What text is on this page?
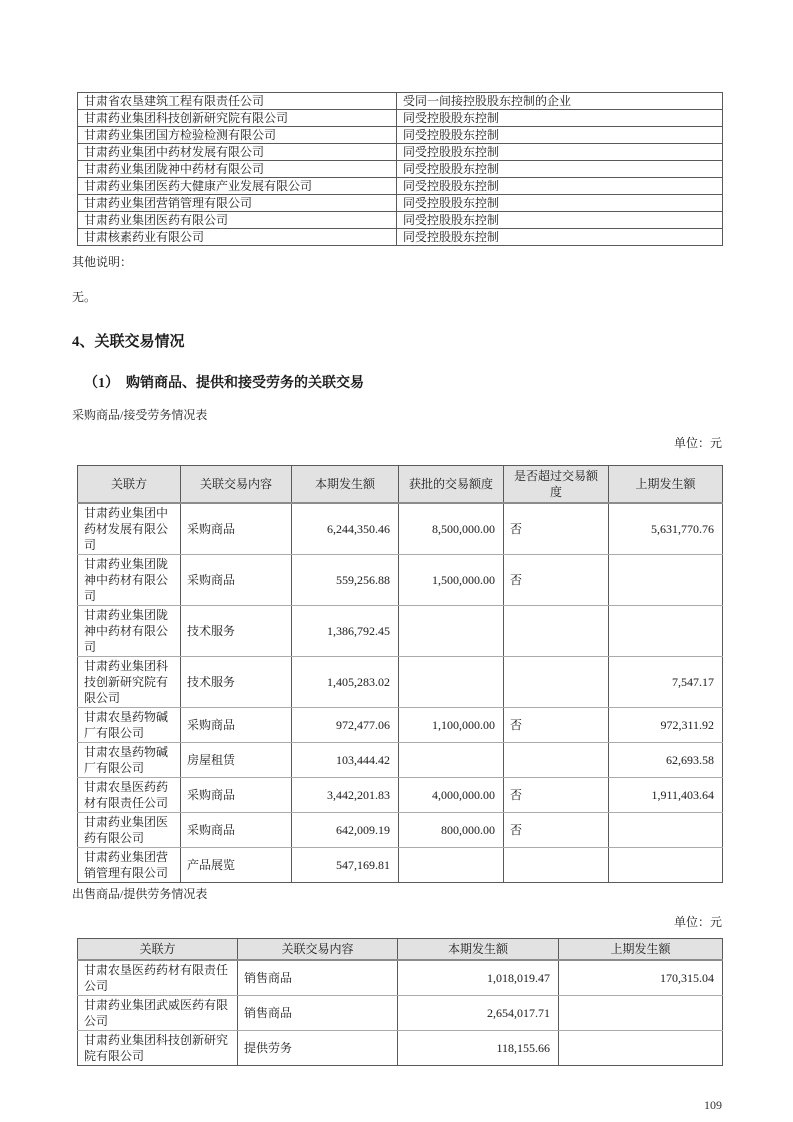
甘肃省农垦建筑工程有限责任公司	受同一间接控股股东控制的企业
甘肃药业集团科技创新研究院有限公司	同受控股股东控制
甘肃药业集团国方检验检测有限公司	同受控股股东控制
甘肃药业集团中药材发展有限公司	同受控股股东控制
甘肃药业集团陇神中药材有限公司	同受控股股东控制
甘肃药业集团医药大健康产业发展有限公司	同受控股股东控制
甘肃药业集团营销管理有限公司	同受控股股东控制
甘肃药业集团医药有限公司	同受控股股东控制
甘肃核素药业有限公司	同受控股股东控制

其他说明：

无。

4、关联交易情况
（1）　购销商品、提供和接受劳务的关联交易

采购商品/接受劳务情况表

单位：元

关联方	关联交易内容	本期发生额	获批的交易额度	是否超过交易额度	上期发生额
甘肃药业集团中药材发展有限公司	采购商品	6,244,350.46	8,500,000.00	否	5,631,770.76
甘肃药业集团陇神中药材有限公司	采购商品	559,256.88	1,500,000.00	否	
甘肃药业集团陇神中药材有限公司	技术服务	1,386,792.45			
甘肃药业集团科技创新研究院有限公司	技术服务	1,405,283.02			7,547.17
甘肃农垦药物碱厂有限公司	采购商品	972,477.06	1,100,000.00	否	972,311.92
甘肃农垦药物碱厂有限公司	房屋租赁	103,444.42			62,693.58
甘肃农垦医药药材有限责任公司	采购商品	3,442,201.83	4,000,000.00	否	1,911,403.64
甘肃药业集团医药有限公司	采购商品	642,009.19	800,000.00	否	
甘肃药业集团营销管理有限公司	产品展览	547,169.81			

出售商品/提供劳务情况表

单位：元

关联方	关联交易内容	本期发生额	上期发生额
甘肃农垦医药药材有限责任公司	销售商品	1,018,019.47	170,315.04
甘肃药业集团武威医药有限公司	销售商品	2,654,017.71	
甘肃药业集团科技创新研究院有限公司	提供劳务	118,155.66	
109
